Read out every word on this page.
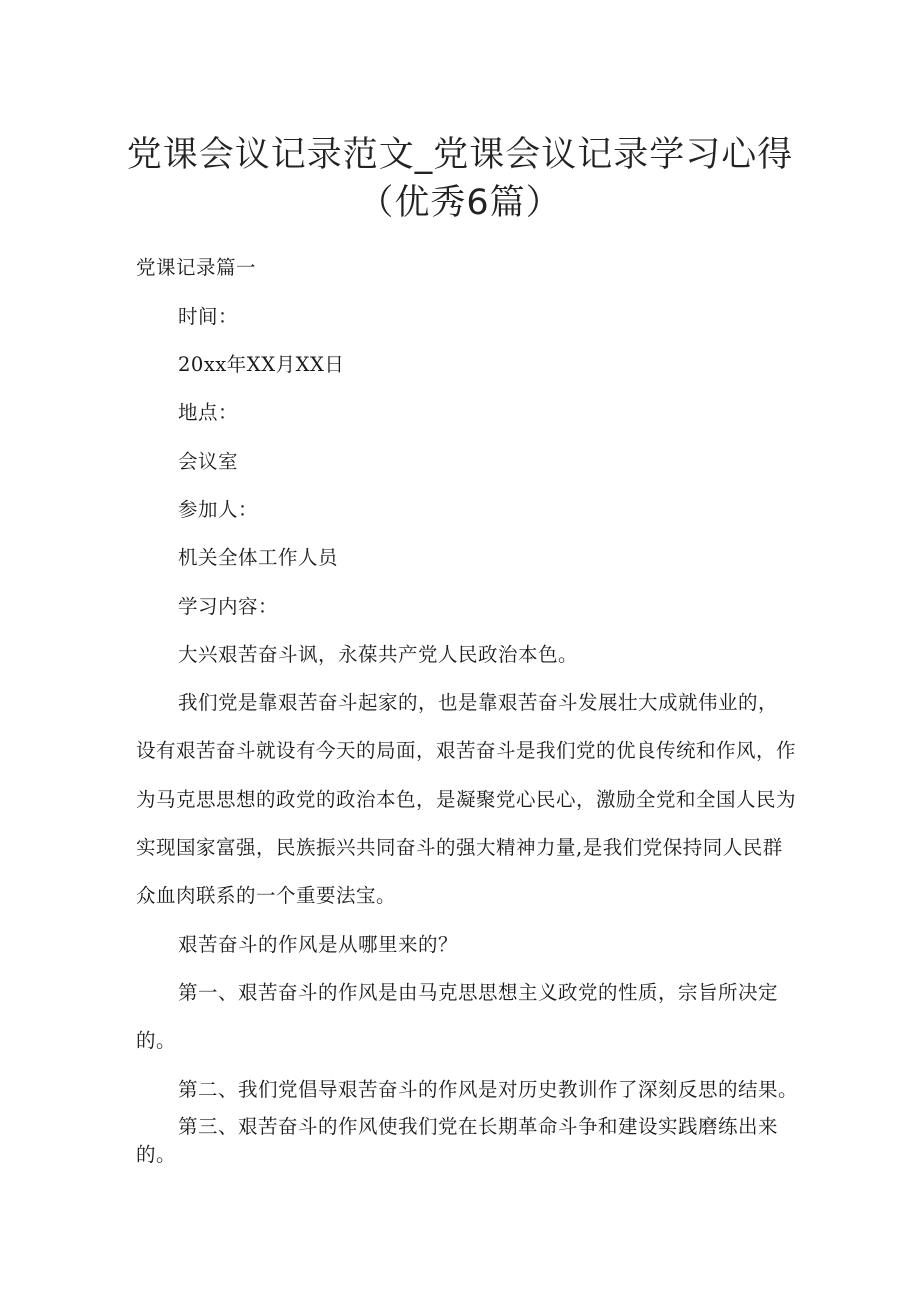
党课会议记录范文_党课会议记录学习心得
（优秀6篇）

党课记录篇一

时间：

20xx年XX月XX日

地点：

会议室

参加人：

机关全体工作人员

学习内容：

大兴艰苦奋斗讽，永葆共产党人民政治本色。

我们党是靠艰苦奋斗起家的，也是靠艰苦奋斗发展壮大成就伟业的，

设有艰苦奋斗就设有今天的局面，艰苦奋斗是我们党的优良传统和作风，作

为马克思思想的政党的政治本色，是凝聚党心民心，激励全党和全国人民为

实现国家富强，民族振兴共同奋斗的强大精神力量,是我们党保持同人民群

众血肉联系的一个重要法宝。

艰苦奋斗的作风是从哪里来的？

第一、艰苦奋斗的作风是由马克思思想主义政党的性质，宗旨所决定

的。

第二、我们党倡导艰苦奋斗的作风是对历史教训作了深刻反思的结果。

第三、艰苦奋斗的作风使我们党在长期革命斗争和建设实践磨练出来

的。
